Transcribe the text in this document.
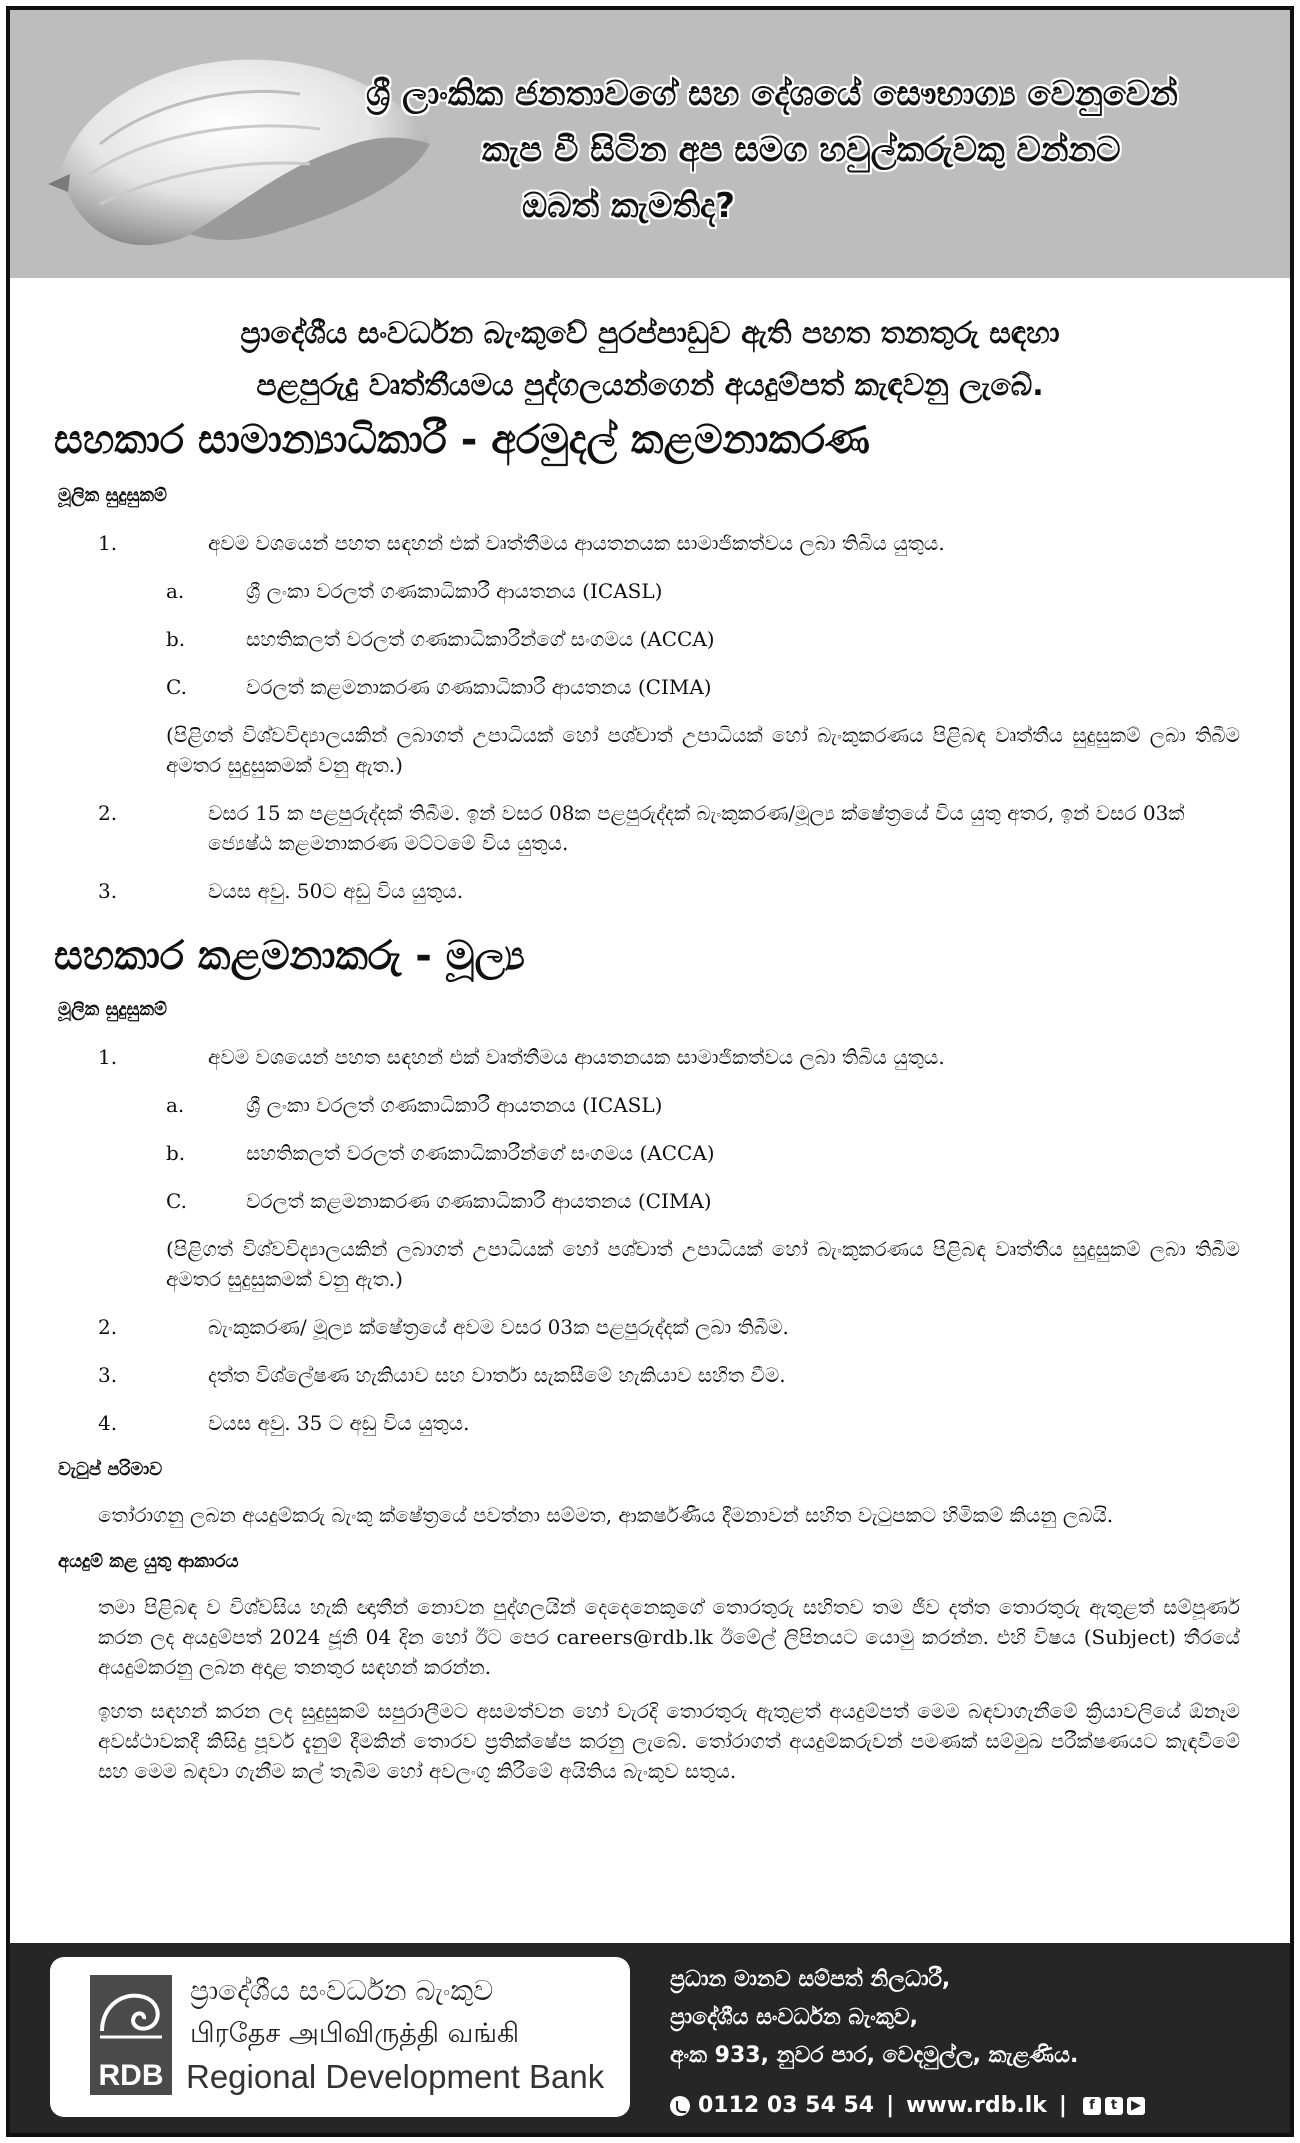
ශ්‍රී ලාංකික ජනතාවගේ සහ දේශයේ සෞභාග්‍ය වෙනුවෙන්
කැප වී සිටින අප සමග හවුල්කරුවකු වන්නට
ඔබත් කැමතිද?
ප්‍රාදේශීය සංවර්ධන බැංකුවේ පුරප්පාඩුව ඇති පහත තනතුරු සඳහා
පළපුරුදු වෘත්තීයමය පුද්ගලයන්ගෙන් අයදුම්පත් කැඳවනු ලැබේ.
සහකාර සාමාන්‍යාධිකාරී - අරමුදල් කළමනාකරණ
මූලික සුදුසුකම්
1.	අවම වශයෙන් පහත සඳහන් එක් වෘත්තීමය ආයතනයක සාමාජිකත්වය ලබා තිබිය යුතුය.
a.	ශ්‍රී ලංකා වරලත් ගණකාධිකාරී ආයතනය (ICASL)
b.	සහතිකලත් වරලත් ගණකාධිකාරීන්ගේ සංගමය (ACCA)
C.	වරලත් කළමනාකරණ ගණකාධිකාරී ආයතනය (CIMA)
(පිළිගත් විශ්වවිද්‍යාලයකින් ලබාගත් උපාධියක් හෝ පශ්චාත් උපාධියක් හෝ බැංකුකරණය පිළිබඳ වෘත්තීය සුදුසුකම් ලබා තිබීම අමතර සුදුසුකමක් වනු ඇත.)
2.	වසර 15 ක පළපුරුද්දක් තිබීම. ඉන් වසර 08ක පළපුරුද්දක් බැංකුකරණ/මූල්‍ය ක්ෂේත්‍රයේ විය යුතු අතර, ඉන් වසර 03ක් ජ්‍යෙෂ්ඨ කළමනාකරණ මට්ටමේ විය යුතුය.
3.	වයස අවු. 50ට අඩු විය යුතුය.
සහකාර කළමනාකරු - මූල්‍ය
මූලික සුදුසුකම්
1.	අවම වශයෙන් පහත සඳහන් එක් වෘත්තීමය ආයතනයක සාමාජිකත්වය ලබා තිබිය යුතුය.
a.	ශ්‍රී ලංකා වරලත් ගණකාධිකාරී ආයතනය (ICASL)
b.	සහතිකලත් වරලත් ගණකාධිකාරීන්ගේ සංගමය (ACCA)
C.	වරලත් කළමනාකරණ ගණකාධිකාරී ආයතනය (CIMA)
(පිළිගත් විශ්වවිද්‍යාලයකින් ලබාගත් උපාධියක් හෝ පශ්චාත් උපාධියක් හෝ බැංකුකරණය පිළිබඳ වෘත්තීය සුදුසුකම් ලබා තිබීම අමතර සුදුසුකමක් වනු ඇත.)
2.	බැංකුකරණ/ මූල්‍ය ක්ෂේත්‍රයේ අවම වසර 03ක පළපුරුද්දක් ලබා තිබීම.
3.	දත්ත විශ්ලේෂණ හැකියාව සහ වාර්තා සැකසීමේ හැකියාව සහිත වීම.
4.	වයස අවු. 35 ට අඩු විය යුතුය.
වැටුප් පරිමාව
තෝරාගනු ලබන අයදුම්කරු බැංකු ක්ෂේත්‍රයේ පවත්නා සම්මත, ආකර්ෂණීය දීමනාවන් සහිත වැටුපකට හිමිකම් කියනු ලබයි.
අයදුම් කළ යුතු ආකාරය
තමා පිළිබඳ ව විශ්වසිය හැකි ඥාතීන් නොවන පුද්ගලයින් දෙදෙනෙකුගේ තොරතුරු සහිතව තම ජීව දත්ත තොරතුරු ඇතුළත් සම්පූර්ණ කරන ලද අයදුම්පත් 2024 ජූනි 04 දින හෝ ඊට පෙර careers@rdb.lk ඊමේල් ලිපිනයට යොමු කරන්න. එහි විෂය (Subject) තීරයේ අයදුම්කරනු ලබන අදාළ තනතුර සඳහන් කරන්න.
ඉහත සඳහන් කරන ලද සුදුසුකම් සපුරාලීමට අසමත්වන හෝ වැරදි තොරතුරු ඇතුළත් අයදුම්පත් මෙම බඳවාගැනීමේ ක්‍රියාවලියේ ඕනෑම අවස්ථාවකදී කිසිදු පූර්ව දැනුම් දීමකින් තොරව ප්‍රතික්ෂේප කරනු ලැබේ. තෝරාගත් අයදුම්කරුවන් පමණක් සම්මුඛ පරීක්ෂණයට කැඳවීමේ සහ මෙම බඳවා ගැනීම කල් තැබීම හෝ අවලංගු කිරීමේ අයිතිය බැංකුව සතුය.
RDB
ප්‍රාදේශීය සංවර්ධන බැංකුව
பிரதேச அபிவிருத்தி வங்கி
Regional Development Bank
ප්‍රධාන මානව සම්පත් නිලධාරී,
ප්‍රාදේශීය සංවර්ධන බැංකුව,
අංක 933, නුවර පාර, වෙදමුල්ල, කැළණිය.
0112 03 54 54 | www.rdb.lk |	f	t	▶
